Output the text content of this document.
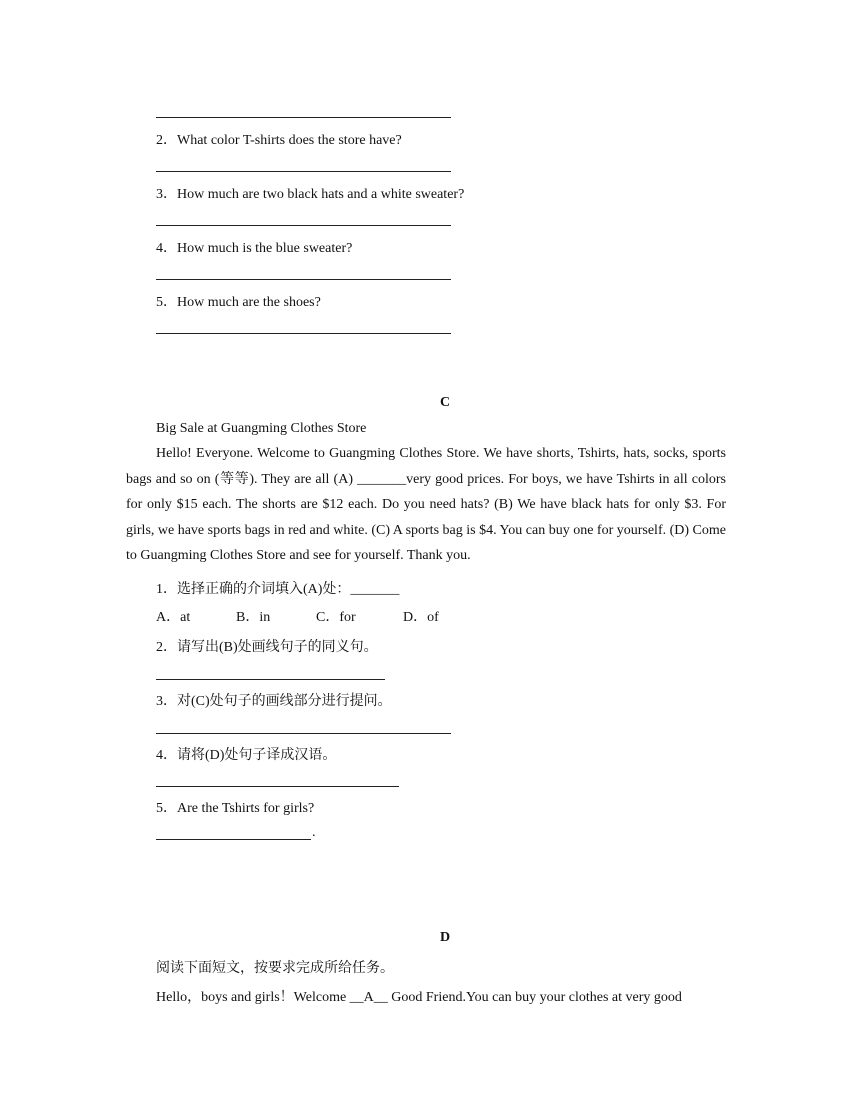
2．What color T-shirts does the store have?
3．How much are two black hats and a white sweater?
4．How much is the blue sweater?
5．How much are the shoes?
C
Big Sale at Guangming Clothes Store
Hello! Everyone. Welcome to Guangming Clothes Store. We have shorts, Tshirts, hats, socks, sports bags and so on (等等). They are all (A) _______very good prices. For boys, we have Tshirts in all colors for only $15 each. The shorts are $12 each. Do you need hats? (B) We have black hats for only $3. For girls, we have sports bags in red and white. (C) A sports bag is $4. You can buy one for yourself. (D) Come to Guangming Clothes Store and see for yourself. Thank you.
1．选择正确的介词填入(A)处：_______
A．at	B．in	C．for	D．of
2．请写出(B)处画线句子的同义句。
3．对(C)处句子的画线部分进行提问。
4．请将(D)处句子译成汉语。
5．Are the Tshirts for girls?
.
D
阅读下面短文，按要求完成所给任务。
Hello，boys and girls！Welcome __A__ Good Friend.You can buy your clothes at very good
